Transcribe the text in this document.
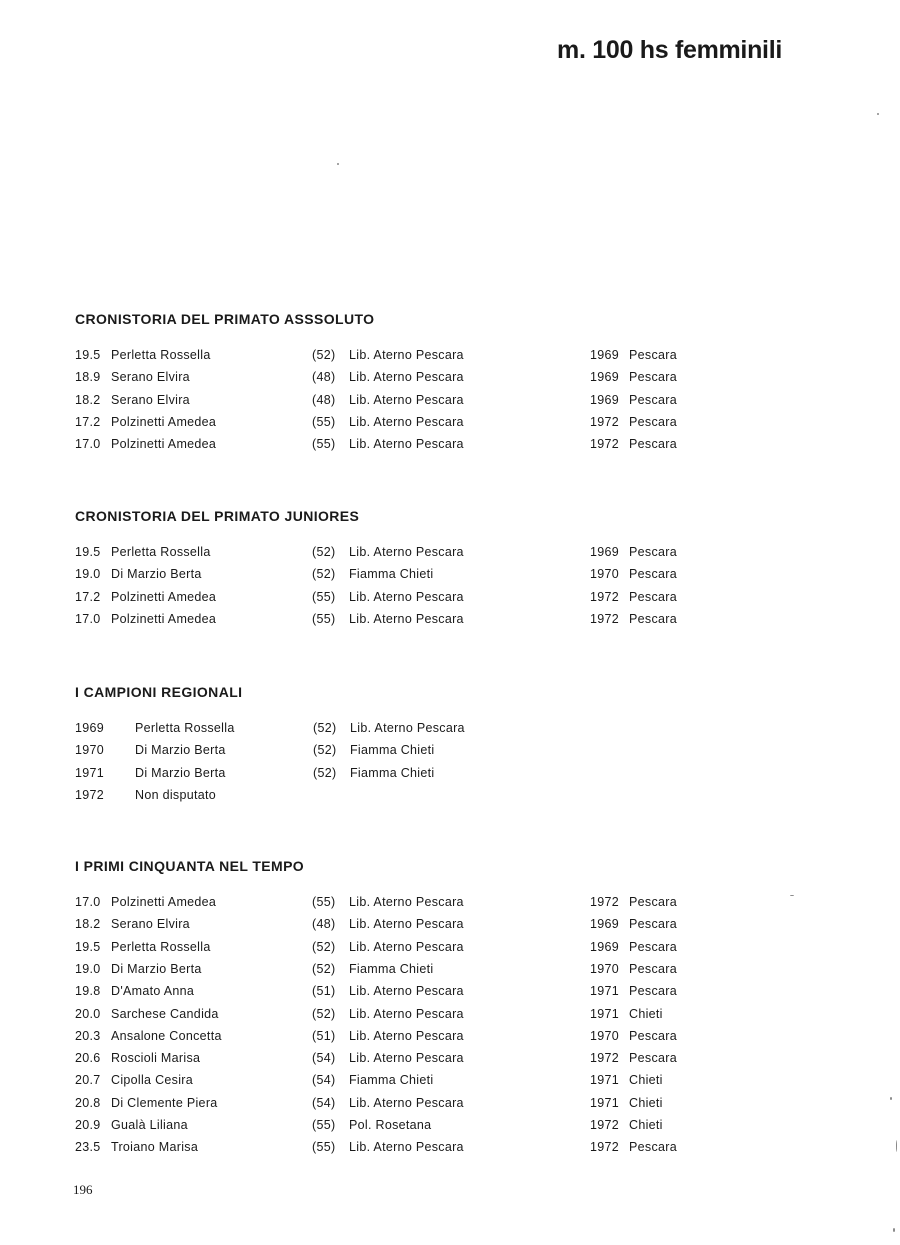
m. 100 hs femminili
CRONISTORIA DEL PRIMATO ASSSOLUTO
19.5 Perletta Rossella	(52) Lib. Aterno Pescara	1969 Pescara
18.9 Serano Elvira	(48) Lib. Aterno Pescara	1969 Pescara
18.2 Serano Elvira	(48) Lib. Aterno Pescara	1969 Pescara
17.2 Polzinetti Amedea	(55) Lib. Aterno Pescara	1972 Pescara
17.0 Polzinetti Amedea	(55) Lib. Aterno Pescara	1972 Pescara
CRONISTORIA DEL PRIMATO JUNIORES
19.5 Perletta Rossella	(52) Lib. Aterno Pescara	1969 Pescara
19.0 Di Marzio Berta	(52) Fiamma Chieti	1970 Pescara
17.2 Polzinetti Amedea	(55) Lib. Aterno Pescara	1972 Pescara
17.0 Polzinetti Amedea	(55) Lib. Aterno Pescara	1972 Pescara
I CAMPIONI REGIONALI
1969 Perletta Rossella	(52) Lib. Aterno Pescara
1970 Di Marzio Berta	(52) Fiamma Chieti
1971 Di Marzio Berta	(52) Fiamma Chieti
1972 Non disputato
I PRIMI CINQUANTA NEL TEMPO
17.0 Polzinetti Amedea	(55) Lib. Aterno Pescara	1972 Pescara
18.2 Serano Elvira	(48) Lib. Aterno Pescara	1969 Pescara
19.5 Perletta Rossella	(52) Lib. Aterno Pescara	1969 Pescara
19.0 Di Marzio Berta	(52) Fiamma Chieti	1970 Pescara
19.8 D'Amato Anna	(51) Lib. Aterno Pescara	1971 Pescara
20.0 Sarchese Candida	(52) Lib. Aterno Pescara	1971 Chieti
20.3 Ansalone Concetta	(51) Lib. Aterno Pescara	1970 Pescara
20.6 Roscioli Marisa	(54) Lib. Aterno Pescara	1972 Pescara
20.7 Cipolla Cesira	(54) Fiamma Chieti	1971 Chieti
20.8 Di Clemente Piera	(54) Lib. Aterno Pescara	1971 Chieti
20.9 Gualà Liliana	(55) Pol. Rosetana	1972 Chieti
23.5 Troiano Marisa	(55) Lib. Aterno Pescara	1972 Pescara
196
